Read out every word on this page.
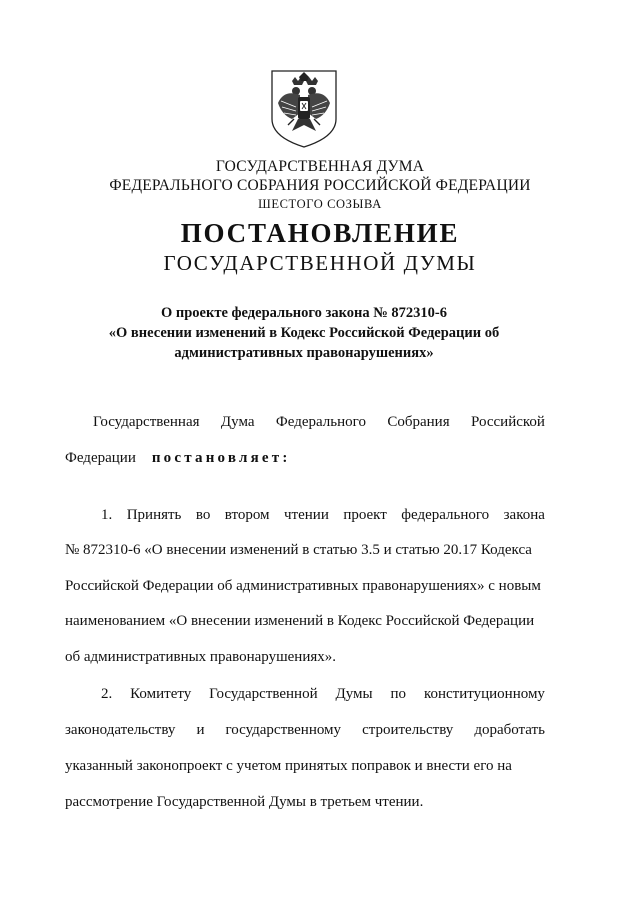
ГОСУДАРСТВЕННАЯ ДУМА
ФЕДЕРАЛЬНОГО СОБРАНИЯ РОССИЙСКОЙ ФЕДЕРАЦИИ
ШЕСТОГО СОЗЫВА
ПОСТАНОВЛЕНИЕ
ГОСУДАРСТВЕННОЙ ДУМЫ
О проекте федерального закона № 872310-6
«О внесении изменений в Кодекс Российской Федерации об
административных правонарушениях»
Государственная Дума Федерального Собрания Российской
Федерации постановляет:
1. Принять во втором чтении проект федерального закона
№ 872310-6 «О внесении изменений в статью 3.5 и статью 20.17 Кодекса
Российской Федерации об административных правонарушениях» с новым
наименованием «О внесении изменений в Кодекс Российской Федерации
об административных правонарушениях».
2. Комитету Государственной Думы по конституционному
законодательству и государственному строительству доработать
указанный законопроект с учетом принятых поправок и внести его на
рассмотрение Государственной Думы в третьем чтении.
